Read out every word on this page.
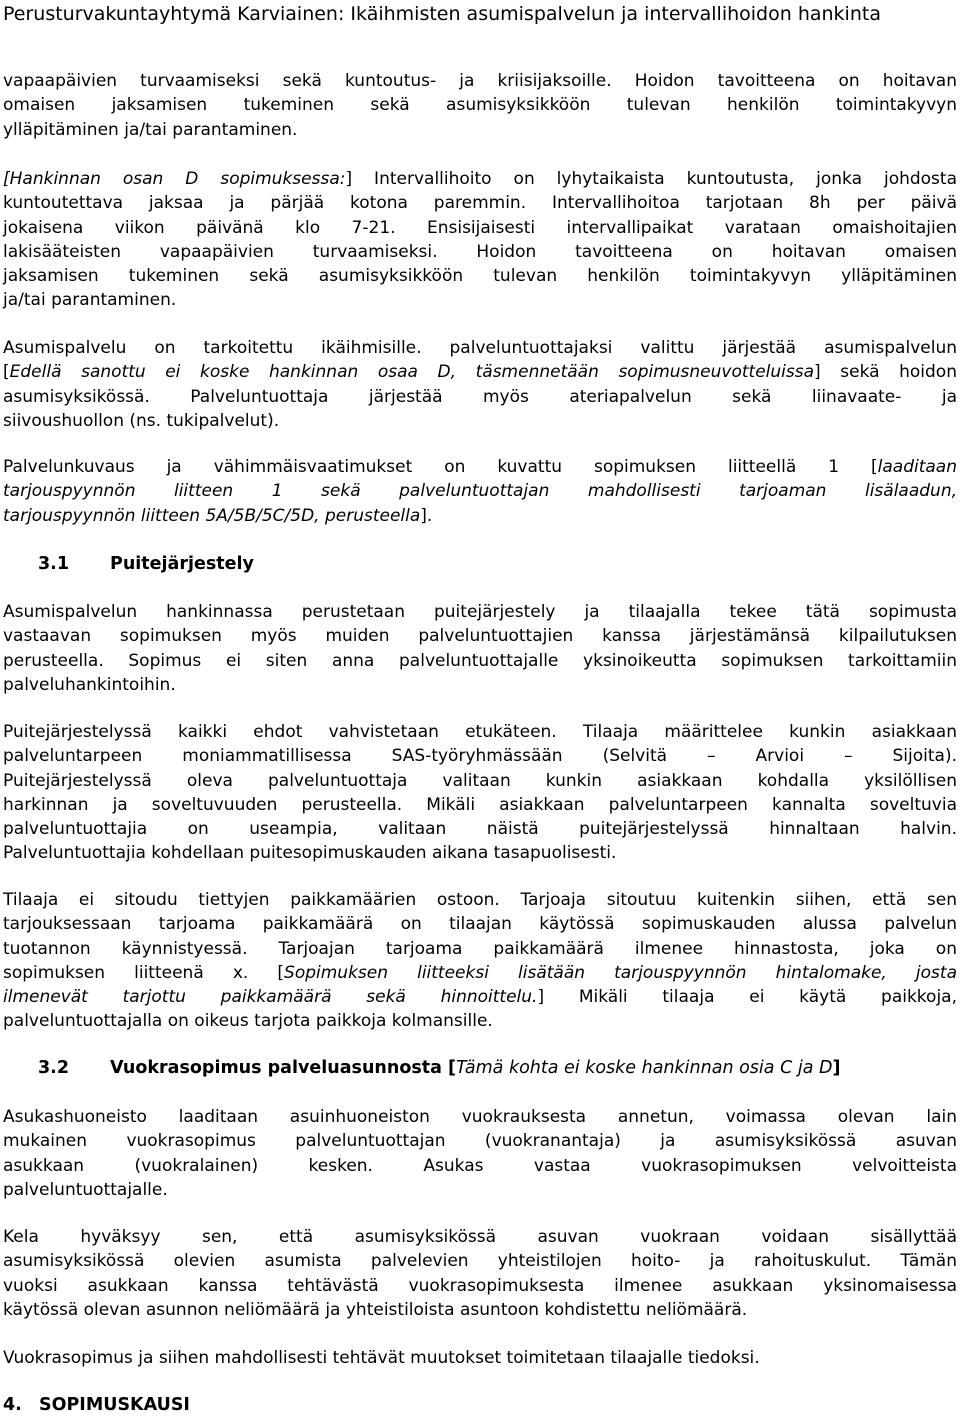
Perusturvakuntayhtymä Karviainen: Ikäihmisten asumispalvelun ja intervallihoidon hankinta
vapaapäivien turvaamiseksi sekä kuntoutus- ja kriisijaksoille. Hoidon tavoitteena on hoitavan
omaisen jaksamisen tukeminen sekä asumisyksikköön tulevan henkilön toimintakyvyn
ylläpitäminen ja/tai parantaminen.
[Hankinnan osan D sopimuksessa:] Intervallihoito on lyhytaikaista kuntoutusta, jonka johdosta
kuntoutettava jaksaa ja pärjää kotona paremmin. Intervallihoitoa tarjotaan 8h per päivä
jokaisena viikon päivänä klo 7-21. Ensisijaisesti intervallipaikat varataan omaishoitajien
lakisääteisten vapaapäivien turvaamiseksi. Hoidon tavoitteena on hoitavan omaisen
jaksamisen tukeminen sekä asumisyksikköön tulevan henkilön toimintakyvyn ylläpitäminen
ja/tai parantaminen.
Asumispalvelu on tarkoitettu ikäihmisille. palveluntuottajaksi valittu järjestää asumispalvelun
[Edellä sanottu ei koske hankinnan osaa D, täsmennetään sopimusneuvotteluissa] sekä hoidon
asumisyksikössä. Palveluntuottaja järjestää myös ateriapalvelun sekä liinavaate- ja
siivoushuollon (ns. tukipalvelut).
Palvelunkuvaus ja vähimmäisvaatimukset on kuvattu sopimuksen liitteellä 1 [laaditaan
tarjouspyynnön liitteen 1 sekä palveluntuottajan mahdollisesti tarjoaman lisälaadun,
tarjouspyynnön liitteen 5A/5B/5C/5D, perusteella].
3.1 Puitejärjestely
Asumispalvelun hankinnassa perustetaan puitejärjestely ja tilaajalla tekee tätä sopimusta
vastaavan sopimuksen myös muiden palveluntuottajien kanssa järjestämänsä kilpailutuksen
perusteella. Sopimus ei siten anna palveluntuottajalle yksinoikeutta sopimuksen tarkoittamiin
palveluhankintoihin.
Puitejärjestelyssä kaikki ehdot vahvistetaan etukäteen. Tilaaja määrittelee kunkin asiakkaan
palveluntarpeen moniammatillisessa SAS-työryhmässään (Selvitä – Arvioi – Sijoita).
Puitejärjestelyssä oleva palveluntuottaja valitaan kunkin asiakkaan kohdalla yksilöllisen
harkinnan ja soveltuvuuden perusteella. Mikäli asiakkaan palveluntarpeen kannalta soveltuvia
palveluntuottajia on useampia, valitaan näistä puitejärjestelyssä hinnaltaan halvin.
Palveluntuottajia kohdellaan puitesopimuskauden aikana tasapuolisesti.
Tilaaja ei sitoudu tiettyjen paikkamäärien ostoon. Tarjoaja sitoutuu kuitenkin siihen, että sen
tarjouksessaan tarjoama paikkamäärä on tilaajan käytössä sopimuskauden alussa palvelun
tuotannon käynnistyessä. Tarjoajan tarjoama paikkamäärä ilmenee hinnastosta, joka on
sopimuksen liitteenä x. [Sopimuksen liitteeksi lisätään tarjouspyynnön hintalomake, josta
ilmenevät tarjottu paikkamäärä sekä hinnoittelu.] Mikäli tilaaja ei käytä paikkoja,
palveluntuottajalla on oikeus tarjota paikkoja kolmansille.
3.2 Vuokrasopimus palveluasunnosta [Tämä kohta ei koske hankinnan osia C ja D]
Asukashuoneisto laaditaan asuinhuoneiston vuokrauksesta annetun, voimassa olevan lain
mukainen vuokrasopimus palveluntuottajan (vuokranantaja) ja asumisyksikössä asuvan
asukkaan (vuokralainen) kesken. Asukas vastaa vuokrasopimuksen velvoitteista
palveluntuottajalle.
Kela hyväksyy sen, että asumisyksikössä asuvan vuokraan voidaan sisällyttää
asumisyksikössä olevien asumista palvelevien yhteistilojen hoito- ja rahoituskulut. Tämän
vuoksi asukkaan kanssa tehtävästä vuokrasopimuksesta ilmenee asukkaan yksinomaisessa
käytössä olevan asunnon neliömäärä ja yhteistiloista asuntoon kohdistettu neliömäärä.
Vuokrasopimus ja siihen mahdollisesti tehtävät muutokset toimitetaan tilaajalle tiedoksi.
4. SOPIMUSKAUSI
